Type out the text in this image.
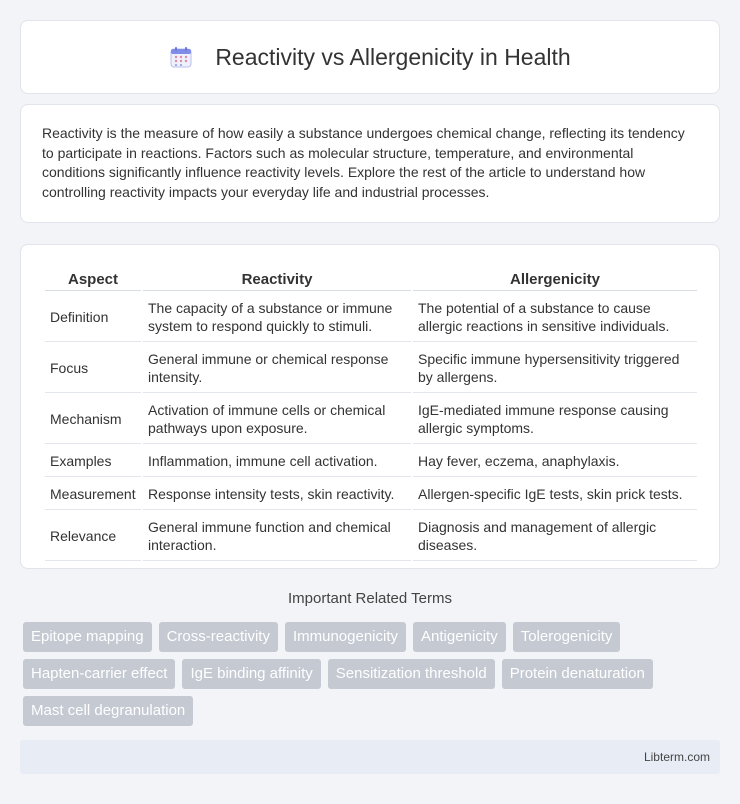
Reactivity vs Allergenicity in Health

Reactivity is the measure of how easily a substance undergoes chemical change, reflecting its tendency to participate in reactions. Factors such as molecular structure, temperature, and environmental conditions significantly influence reactivity levels. Explore the rest of the article to understand how controlling reactivity impacts your everyday life and industrial processes.

Aspect	Reactivity	Allergenicity
Definition	The capacity of a substance or immune system to respond quickly to stimuli.	The potential of a substance to cause allergic reactions in sensitive individuals.
Focus	General immune or chemical response intensity.	Specific immune hypersensitivity triggered by allergens.
Mechanism	Activation of immune cells or chemical pathways upon exposure.	IgE-mediated immune response causing allergic symptoms.
Examples	Inflammation, immune cell activation.	Hay fever, eczema, anaphylaxis.
Measurement	Response intensity tests, skin reactivity.	Allergen-specific IgE tests, skin prick tests.
Relevance	General immune function and chemical interaction.	Diagnosis and management of allergic diseases.
Important Related Terms
Epitope mapping	Cross-reactivity	Immunogenicity	Antigenicity	Tolerogenicity
Hapten-carrier effect	IgE binding affinity	Sensitization threshold	Protein denaturation
Mast cell degranulation
Libterm.com
